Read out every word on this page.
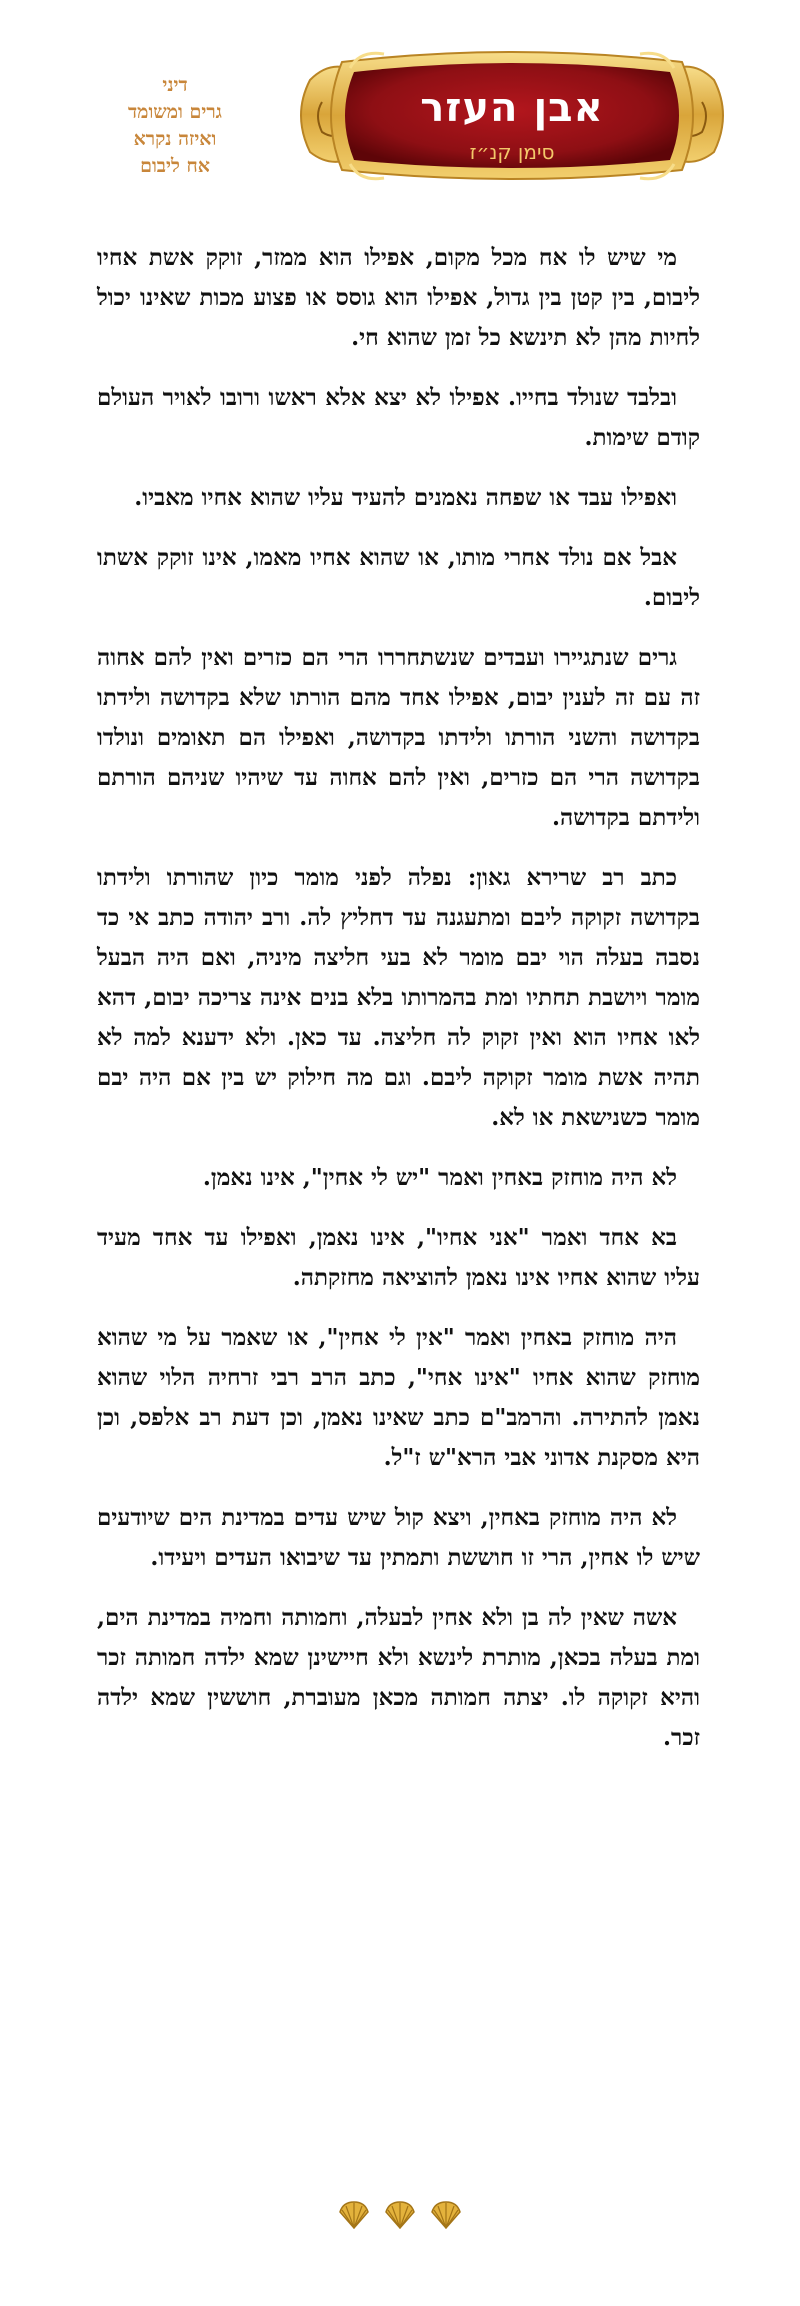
דיני
גרים ומשומד
ואיזה נקרא
אח ליבום
אבן העזר
סימן קנ״ז

מי שיש לו אח מכל מקום, אפילו הוא ממזר, זוקק אשת אחיו ליבום, בין קטן בין גדול, אפילו הוא גוסס או פצוע מכות שאינו יכול לחיות מהן לא תינשא כל זמן שהוא חי.

ובלבד שנולד בחייו. אפילו לא יצא אלא ראשו ורובו לאויר העולם קודם שימות.

ואפילו עבד או שפחה נאמנים להעיד עליו שהוא אחיו מאביו.

אבל אם נולד אחרי מותו, או שהוא אחיו מאמו, אינו זוקק אשתו ליבום.

גרים שנתגיירו ועבדים שנשתחררו הרי הם כזרים ואין להם אחוה זה עם זה לענין יבום, אפילו אחד מהם הורתו שלא בקדושה ולידתו בקדושה והשני הורתו ולידתו בקדושה, ואפילו הם תאומים ונולדו בקדושה הרי הם כזרים, ואין להם אחוה עד שיהיו שניהם הורתם ולידתם בקדושה.

כתב רב שרירא גאון: נפלה לפני מומר כיון שהורתו ולידתו בקדושה זקוקה ליבם ומתעגנה עד דחליץ לה. ורב יהודה כתב אי כד נסבה בעלה הוי יבם מומר לא בעי חליצה מיניה, ואם היה הבעל מומר ויושבת תחתיו ומת בהמרותו בלא בנים אינה צריכה יבום, דהא לאו אחיו הוא ואין זקוק לה חליצה. עד כאן. ולא ידענא למה לא תהיה אשת מומר זקוקה ליבם. וגם מה חילוק יש בין אם היה יבם מומר כשנישאת או לא.

לא היה מוחזק באחין ואמר "יש לי אחין", אינו נאמן.

בא אחד ואמר "אני אחיו", אינו נאמן, ואפילו עד אחד מעיד עליו שהוא אחיו אינו נאמן להוציאה מחזקתה.

היה מוחזק באחין ואמר "אין לי אחין", או שאמר על מי שהוא מוחזק שהוא אחיו "אינו אחי", כתב הרב רבי זרחיה הלוי שהוא נאמן להתירה. והרמב"ם כתב שאינו נאמן, וכן דעת רב אלפס, וכן היא מסקנת אדוני אבי הרא"ש ז"ל.

לא היה מוחזק באחין, ויצא קול שיש עדים במדינת הים שיודעים שיש לו אחין, הרי זו חוששת ותמתין עד שיבואו העדים ויעידו.

אשה שאין לה בן ולא אחין לבעלה, וחמותה וחמיה במדינת הים, ומת בעלה בכאן, מותרת לינשא ולא חיישינן שמא ילדה חמותה זכר והיא זקוקה לו. יצתה חמותה מכאן מעוברת, חוששין שמא ילדה זכר.
